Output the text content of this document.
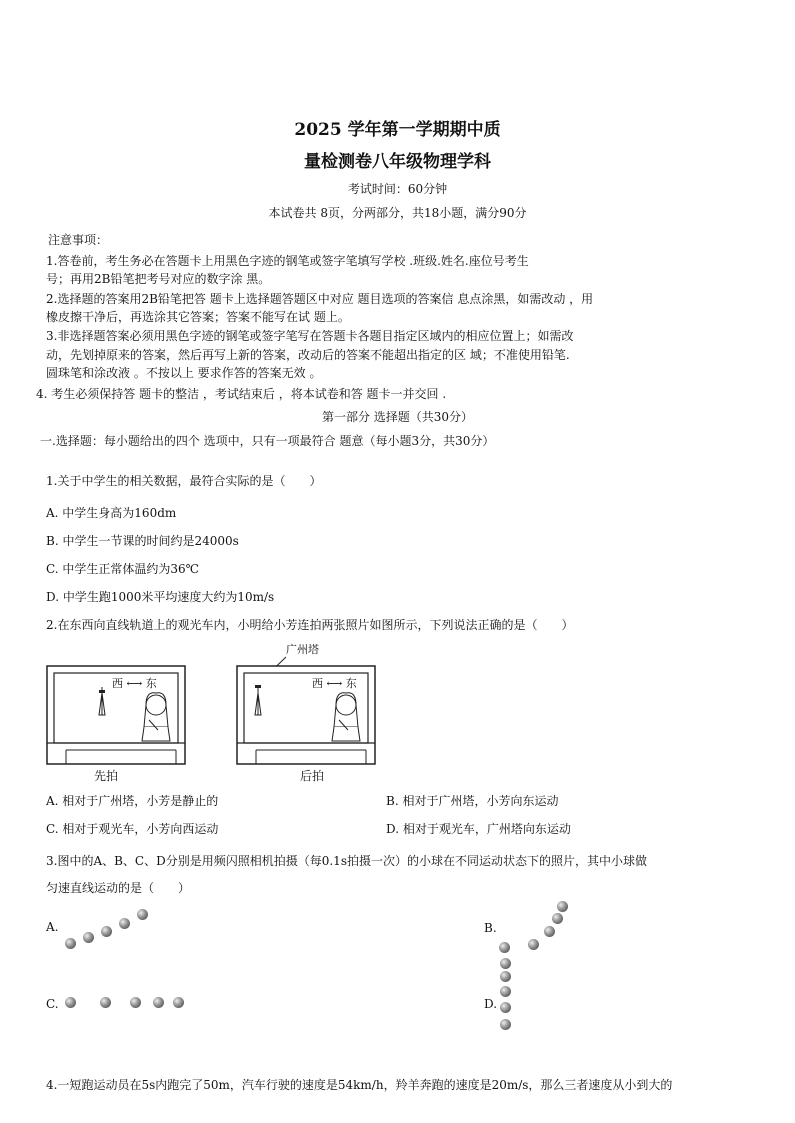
2025 学年第一学期期中质
量检测卷八年级物理学科
考试时间：60分钟
本试卷共 8页，分两部分，共18小题，满分90分
注意事项：
1.答卷前，考生务必在答题卡上用黑色字迹的钢笔或签字笔填写学校 .班级.姓名.座位号考生
号；再用2B铅笔把考号对应的数字涂 黑。
2.选择题的答案用2B铅笔把答 题卡上选择题答题区中对应 题目选项的答案信 息点涂黑，如需改动 ，用
橡皮擦干净后，再选涂其它答案；答案不能写在试 题上。
3.非选择题答案必须用黑色字迹的钢笔或签字笔写在答题卡各题目指定区域内的相应位置上；如需改
动，先划掉原来的答案，然后再写上新的答案，改动后的答案不能超出指定的区 域；不准使用铅笔.
圆珠笔和涂改液 。不按以上 要求作答的答案无效 。
4. 考生必须保持答 题卡的整洁 ，考试结束后 ，将本试卷和答 题卡一并交回 .
第一部分 选择题（共30分）
一.选择题：每小题给出的四个 选项中，只有一项最符合 题意（每小题3分，共30分）
1.关于中学生的相关数据，最符合实际的是（　　）
A. 中学生身高为160dm
B. 中学生一节课的时间约是24000s
C. 中学生正常体温约为36℃
D. 中学生跑1000米平均速度大约为10m/s
2.在东西向直线轨道上的观光车内，小明给小芳连拍两张照片如图所示，下列说法正确的是（　　）
西 ⟷ 东
先拍
广州塔
西 ⟷ 东
后拍
A. 相对于广州塔，小芳是静止的	B. 相对于广州塔，小芳向东运动
C. 相对于观光车，小芳向西运动	D. 相对于观光车，广州塔向东运动
3.图中的A、B、C、D分别是用频闪照相机拍摄（每0.1s拍摄一次）的小球在不同运动状态下的照片，其中小球做
匀速直线运动的是（　　）
A.	B.
C.	D.
4.一短跑运动员在5s内跑完了50m，汽车行驶的速度是54km/h，羚羊奔跑的速度是20m/s，那么三者速度从小到大的
